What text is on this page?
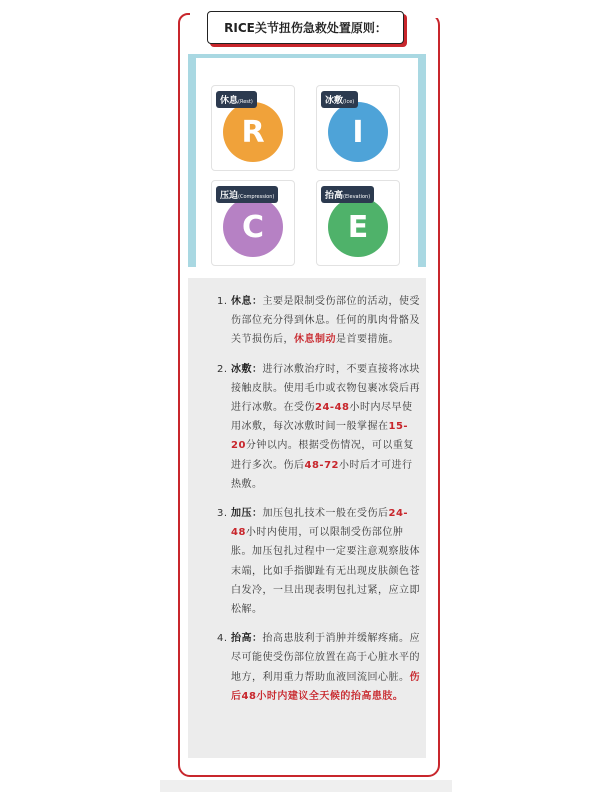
RICE关节扭伤急救处置原则：
R
休息(Rest)
I
冰敷(Ice)
C
压迫(Compression)
E
抬高(Elevation)
1. 休息：主要是限制受伤部位的活动，使受伤部位充分得到休息。任何的肌肉骨骼及关节损伤后，休息制动是首要措施。
2. 冰敷：进行冰敷治疗时，不要直接将冰块接触皮肤。使用毛巾或衣物包裹冰袋后再进行冰敷。在受伤24-48小时内尽早使用冰敷，每次冰敷时间一般掌握在15-20分钟以内。根据受伤情况，可以重复进行多次。伤后48-72小时后才可进行热敷。
3. 加压：加压包扎技术一般在受伤后24-48小时内使用，可以限制受伤部位肿胀。加压包扎过程中一定要注意观察肢体末端，比如手指脚趾有无出现皮肤颜色苍白发冷，一旦出现表明包扎过紧，应立即松解。
4. 抬高：抬高患肢利于消肿并缓解疼痛。应尽可能使受伤部位放置在高于心脏水平的地方，利用重力帮助血液回流回心脏。伤后48小时内建议全天候的抬高患肢。
